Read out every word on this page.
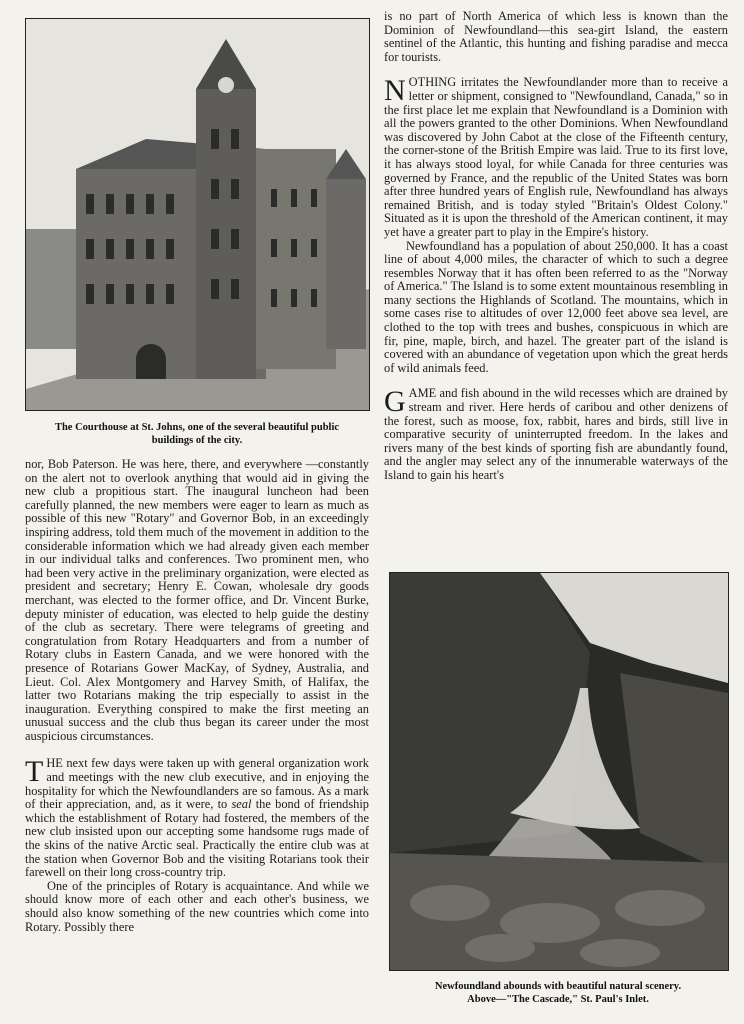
The Courthouse at St. Johns, one of the several beautiful public buildings of the city.

nor, Bob Paterson. He was here, there, and everywhere —constantly on the alert not to overlook anything that would aid in giving the new club a propitious start. The inaugural luncheon had been carefully planned, the new members were eager to learn as much as possible of this new "Rotary" and Governor Bob, in an exceedingly inspiring address, told them much of the movement in addition to the considerable information which we had already given each member in our individual talks and conferences. Two prominent men, who had been very active in the preliminary organization, were elected as president and secretary; Henry E. Cowan, wholesale dry goods merchant, was elected to the former office, and Dr. Vincent Burke, deputy minister of education, was elected to help guide the destiny of the club as secretary. There were telegrams of greeting and congratulation from Rotary Headquarters and from a number of Rotary clubs in Eastern Canada, and we were honored with the presence of Rotarians Gower MacKay, of Sydney, Australia, and Lieut. Col. Alex Montgomery and Harvey Smith, of Halifax, the latter two Rotarians making the trip especially to assist in the inauguration. Everything conspired to make the first meeting an unusual success and the club thus began its career under the most auspicious circumstances.

THE next few days were taken up with general organization work and meetings with the new club executive, and in enjoying the hospitality for which the Newfoundlanders are so famous. As a mark of their appreciation, and, as it were, to seal the bond of friendship which the establishment of Rotary had fostered, the members of the new club insisted upon our accepting some handsome rugs made of the skins of the native Arctic seal. Practically the entire club was at the station when Governor Bob and the visiting Rotarians took their farewell on their long cross-country trip.

One of the principles of Rotary is acquaintance. And while we should know more of each other and each other's business, we should also know something of the new countries which come into Rotary. Possibly there

is no part of North America of which less is known than the Dominion of Newfoundland—this sea-girt Island, the eastern sentinel of the Atlantic, this hunting and fishing paradise and mecca for tourists.

NOTHING irritates the Newfoundlander more than to receive a letter or shipment, consigned to "Newfoundland, Canada," so in the first place let me explain that Newfoundland is a Dominion with all the powers granted to the other Dominions. When Newfoundland was discovered by John Cabot at the close of the Fifteenth century, the corner-stone of the British Empire was laid. True to its first love, it has always stood loyal, for while Canada for three centuries was governed by France, and the republic of the United States was born after three hundred years of English rule, Newfoundland has always remained British, and is today styled "Britain's Oldest Colony." Situated as it is upon the threshold of the American continent, it may yet have a greater part to play in the Empire's history.

Newfoundland has a population of about 250,000. It has a coast line of about 4,000 miles, the character of which to such a degree resembles Norway that it has often been referred to as the "Norway of America." The Island is to some extent mountainous resembling in many sections the Highlands of Scotland. The mountains, which in some cases rise to altitudes of over 12,000 feet above sea level, are clothed to the top with trees and bushes, conspicuous in which are fir, pine, maple, birch, and hazel. The greater part of the island is covered with an abundance of vegetation upon which the great herds of wild animals feed.

GAME and fish abound in the wild recesses which are drained by stream and river. Here herds of caribou and other denizens of the forest, such as moose, fox, rabbit, hares and birds, still live in comparative security of uninterrupted freedom. In the lakes and rivers many of the best kinds of sporting fish are abundantly found, and the angler may select any of the innumerable waterways of the Island to gain his heart's

Newfoundland abounds with beautiful natural scenery.
Above—"The Cascade," St. Paul's Inlet.
